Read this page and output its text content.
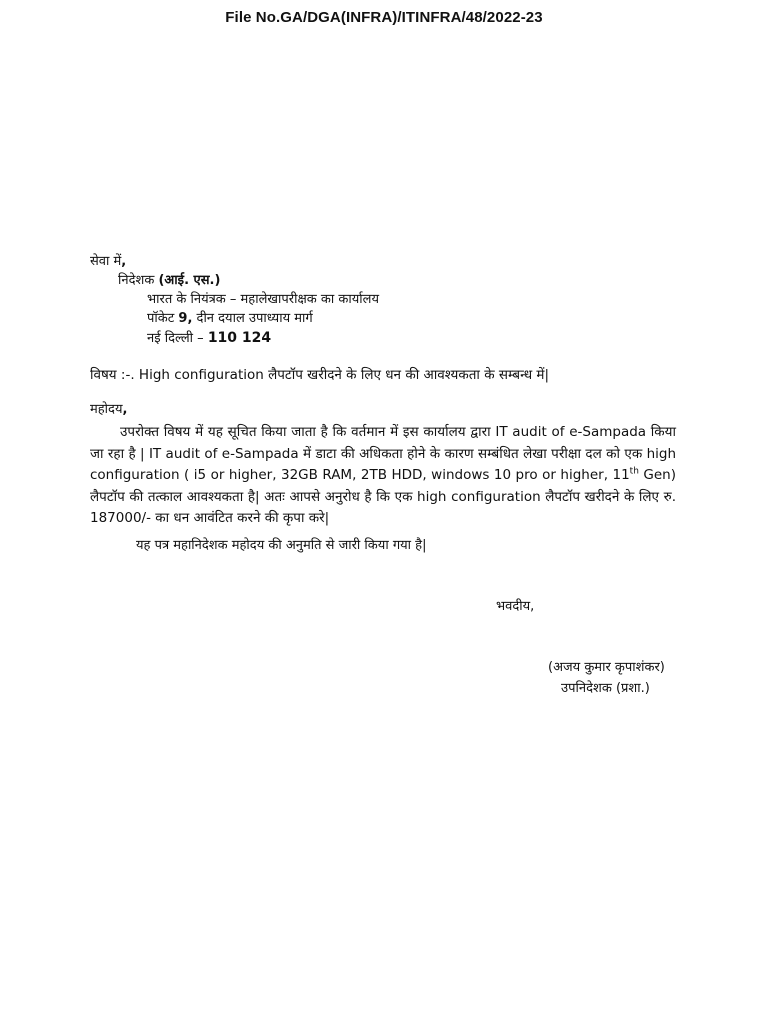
File No.GA/DGA(INFRA)/ITINFRA/48/2022-23
सेवा में,
निदेशक (आई. एस.)
भारत के नियंत्रक – महालेखापरीक्षक का कार्यालय
पॉकेट 9, दीन दयाल उपाध्याय मार्ग
नई दिल्ली – 110 124
विषय :-. High configuration लैपटॉप खरीदने के लिए धन की आवश्यकता के सम्बन्ध में|
महोदय,
उपरोक्त विषय में यह सूचित किया जाता है कि वर्तमान में इस कार्यालय द्वारा IT audit of e-Sampada किया जा रहा है | IT audit of e-Sampada में डाटा की अधिकता होने के कारण सम्बंधित लेखा परीक्षा दल को एक high configuration ( i5 or higher, 32GB RAM, 2TB HDD, windows 10 pro or higher, 11th Gen) लैपटॉप की तत्काल आवश्यकता है| अतः आपसे अनुरोध है कि एक high configuration लैपटॉप खरीदने के लिए रु. 187000/- का धन आवंटित करने की कृपा करे|
यह पत्र महानिदेशक महोदय की अनुमति से जारी किया गया है|
भवदीय,
(अजय कुमार कृपाशंकर)
उपनिदेशक (प्रशा.)
